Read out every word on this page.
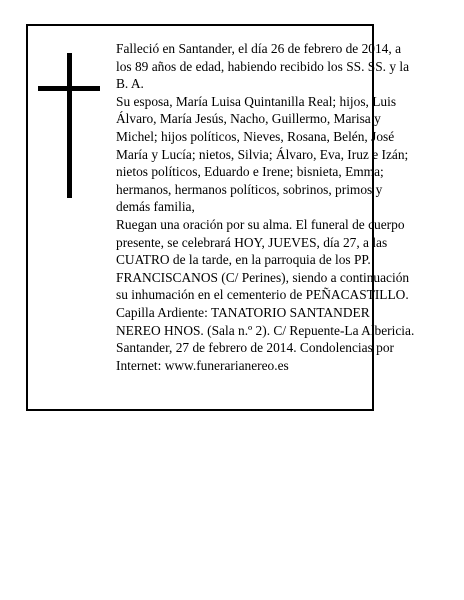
Falleció en Santander, el día 26 de febrero de 2014, a
los 89 años de edad, habiendo recibido los SS. SS. y la
B. A.

Su esposa, María Luisa Quintanilla Real; hijos, Luis
Álvaro, María Jesús, Nacho, Guillermo, Marisa y
Michel; hijos políticos, Nieves, Rosana, Belén, José
María y Lucía; nietos, Silvia; Álvaro, Eva, Iruz e Izán;
nietos políticos, Eduardo e Irene; bisnieta, Emma;
hermanos, hermanos políticos, sobrinos, primos y
demás familia,

Ruegan una oración por su alma. El funeral de cuerpo
presente, se celebrará HOY, JUEVES, día 27, a las
CUATRO de la tarde, en la parroquia de los PP.
FRANCISCANOS (C/ Perines), siendo a continuación
su inhumación en el cementerio de PEÑACASTILLO.

Capilla Ardiente: TANATORIO SANTANDER
NEREO HNOS. (Sala n.º 2). C/ Repuente-La Albericia.

Santander, 27 de febrero de 2014. Condolencias por
Internet: www.funerarianereo.es
